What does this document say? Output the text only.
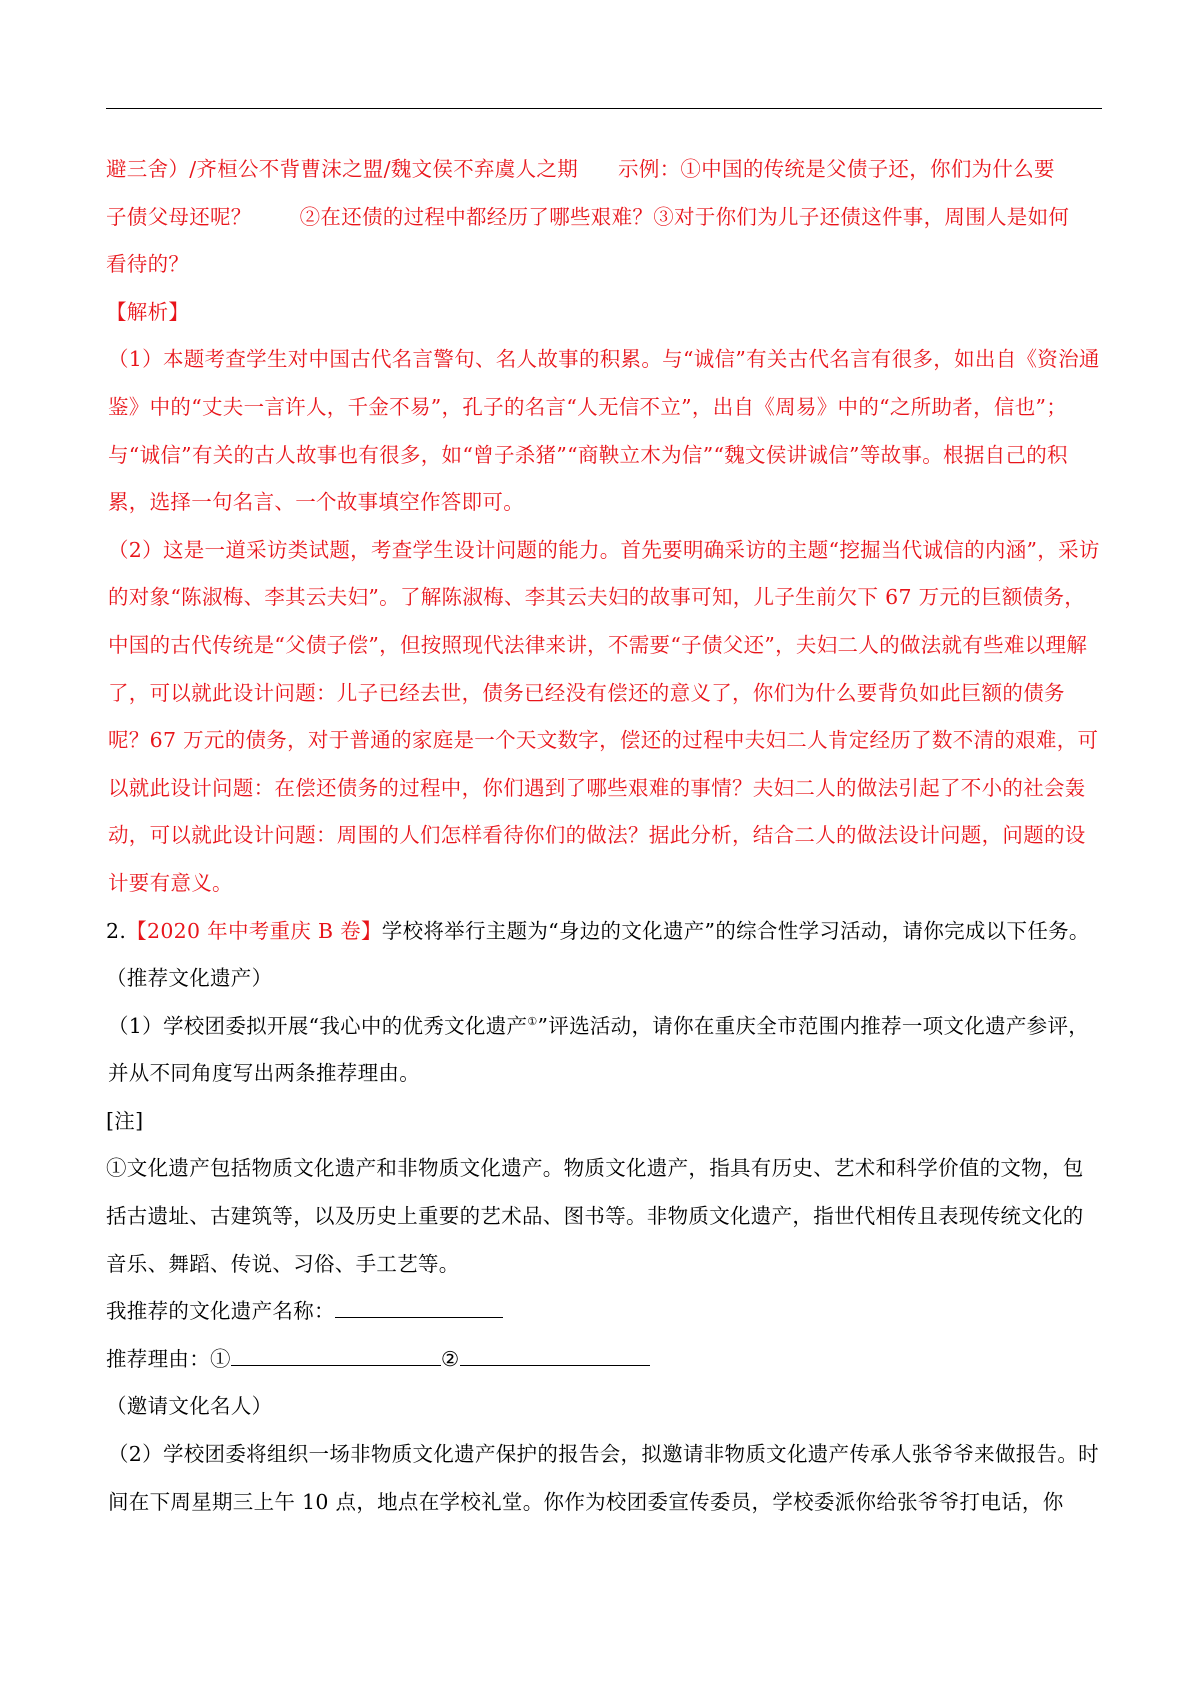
避三舍）/齐桓公不背曹沫之盟/魏文侯不弃虞人之期 示例：①中国的传统是父债子还，你们为什么要

子债父母还呢？ ②在还债的过程中都经历了哪些艰难？③对于你们为儿子还债这件事，周围人是如何

看待的？

【解析】

（1）本题考查学生对中国古代名言警句、名人故事的积累。与“诚信”有关古代名言有很多，如出自《资治通鉴》中的“丈夫一言许人，千金不易”，孔子的名言“人无信不立”，出自《周易》中的“之所助者，信也”；与“诚信”有关的古人故事也有很多，如“曾子杀猪”“商鞅立木为信”“魏文侯讲诚信”等故事。根据自己的积累，选择一句名言、一个故事填空作答即可。

（2）这是一道采访类试题，考查学生设计问题的能力。首先要明确采访的主题“挖掘当代诚信的内涵”，采访的对象“陈淑梅、李其云夫妇”。了解陈淑梅、李其云夫妇的故事可知，儿子生前欠下 67 万元的巨额债务，中国的古代传统是“父债子偿”，但按照现代法律来讲，不需要“子债父还”，夫妇二人的做法就有些难以理解了，可以就此设计问题：儿子已经去世，债务已经没有偿还的意义了，你们为什么要背负如此巨额的债务呢？67 万元的债务，对于普通的家庭是一个天文数字，偿还的过程中夫妇二人肯定经历了数不清的艰难，可以就此设计问题：在偿还债务的过程中，你们遇到了哪些艰难的事情？夫妇二人的做法引起了不小的社会轰动，可以就此设计问题：周围的人们怎样看待你们的做法？据此分析，结合二人的做法设计问题，问题的设计要有意义。

2.【2020 年中考重庆 B 卷】学校将举行主题为“身边的文化遗产”的综合性学习活动，请你完成以下任务。

（推荐文化遗产）

（1）学校团委拟开展“我心中的优秀文化遗产①”评选活动，请你在重庆全市范围内推荐一项文化遗产参评，并从不同角度写出两条推荐理由。

[注]

①文化遗产包括物质文化遗产和非物质文化遗产。物质文化遗产，指具有历史、艺术和科学价值的文物，包括古遗址、古建筑等，以及历史上重要的艺术品、图书等。非物质文化遗产，指世代相传且表现传统文化的音乐、舞蹈、传说、习俗、手工艺等。

我推荐的文化遗产名称：

推荐理由：①	②

（邀请文化名人）

（2）学校团委将组织一场非物质文化遗产保护的报告会，拟邀请非物质文化遗产传承人张爷爷来做报告。时间在下周星期三上午 10 点，地点在学校礼堂。你作为校团委宣传委员，学校委派你给张爷爷打电话，你
